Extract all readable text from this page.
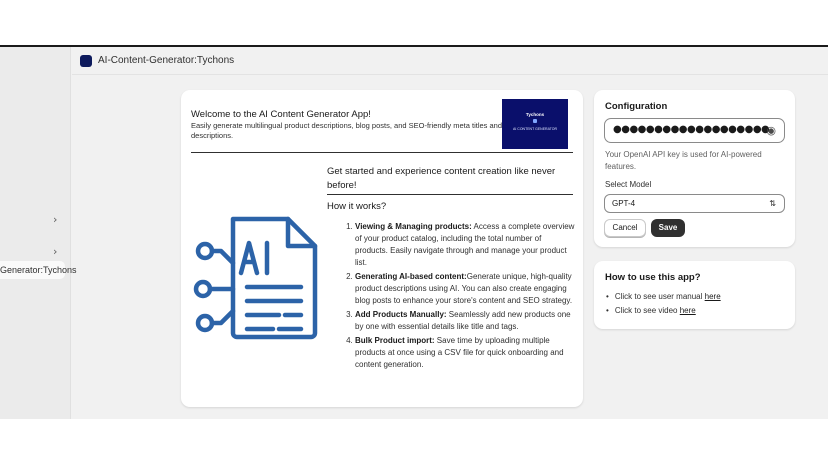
›
›
Generator:Tychons
AI-Content-Generator:Tychons
Welcome to the AI Content Generator App!
Easily generate multilingual product descriptions, blog posts, and SEO-friendly meta titles and descriptions.
Tychons
AI CONTENT GENERATOR
Get started and experience content creation like never before!
How it works?
1. Viewing & Managing products: Access a complete overview of your product catalog, including the total number of products. Easily navigate through and manage your product list.
2. Generating AI-based content:Generate unique, high-quality product descriptions using AI. You can also create engaging blog posts to enhance your store's content and SEO strategy.
3. Add Products Manually: Seamlessly add new products one by one with essential details like title and tags.
4. Bulk Product import: Save time by uploading multiple products at once using a CSV file for quick onboarding and content generation.
Configuration
●●●●●●●●●●●●●●●●●●●
◉
Your OpenAI API key is used for AI-powered features.
Select Model
GPT-4	⇅
Cancel	Save
How to use this app?
• Click to see user manual here
• Click to see video here
